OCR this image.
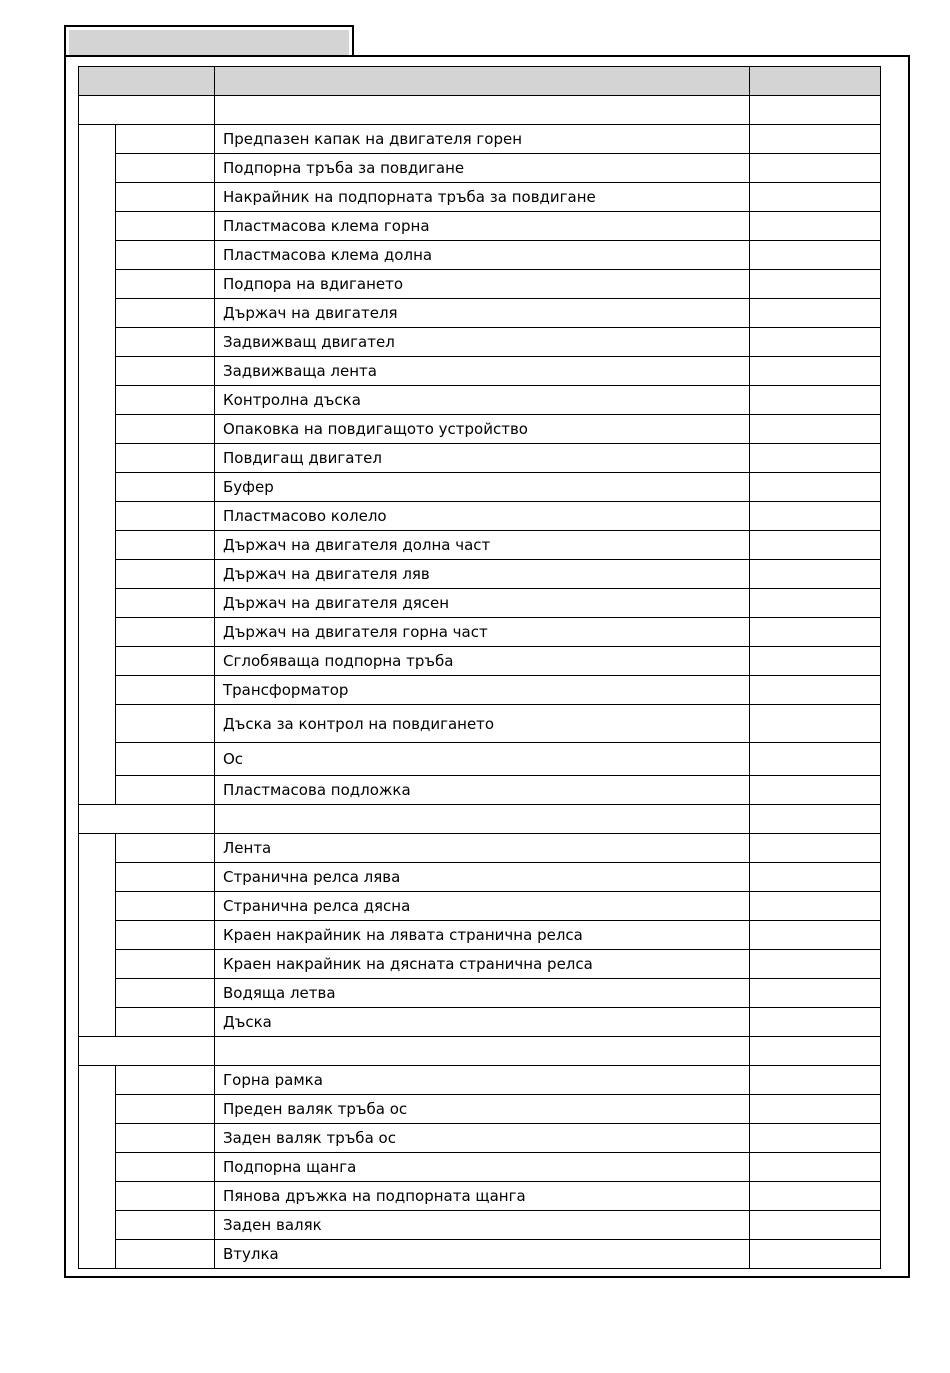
		Предпазен капак на двигателя горен	
		Подпорна тръба за повдигане	
		Накрайник на подпорната тръба за повдигане	
		Пластмасова клема горна	
		Пластмасова клема долна	
		Подпора на вдигането	
		Държач на двигателя	
		Задвижващ двигател	
		Задвижваща лента	
		Контролна дъска	
		Опаковка на повдигащото устройство	
		Повдигащ двигател	
		Буфер	
		Пластмасово колело	
		Държач на двигателя долна част	
		Държач на двигателя ляв	
		Държач на двигателя дясен	
		Държач на двигателя горна част	
		Сглобяваща подпорна тръба	
		Трансформатор	
		Дъска за контрол на повдигането	
		Ос	
		Пластмасова подложка	

		Лента	
		Странична релса лява	
		Странична релса дясна	
		Краен накрайник на лявата странична релса	
		Краен накрайник на дясната странична релса	
		Водяща летва	
		Дъска	

		Горна рамка	
		Преден валяк тръба ос	
		Заден валяк тръба ос	
		Подпорна щанга	
		Пянова дръжка на подпорната щанга	
		Заден валяк	
		Втулка	
